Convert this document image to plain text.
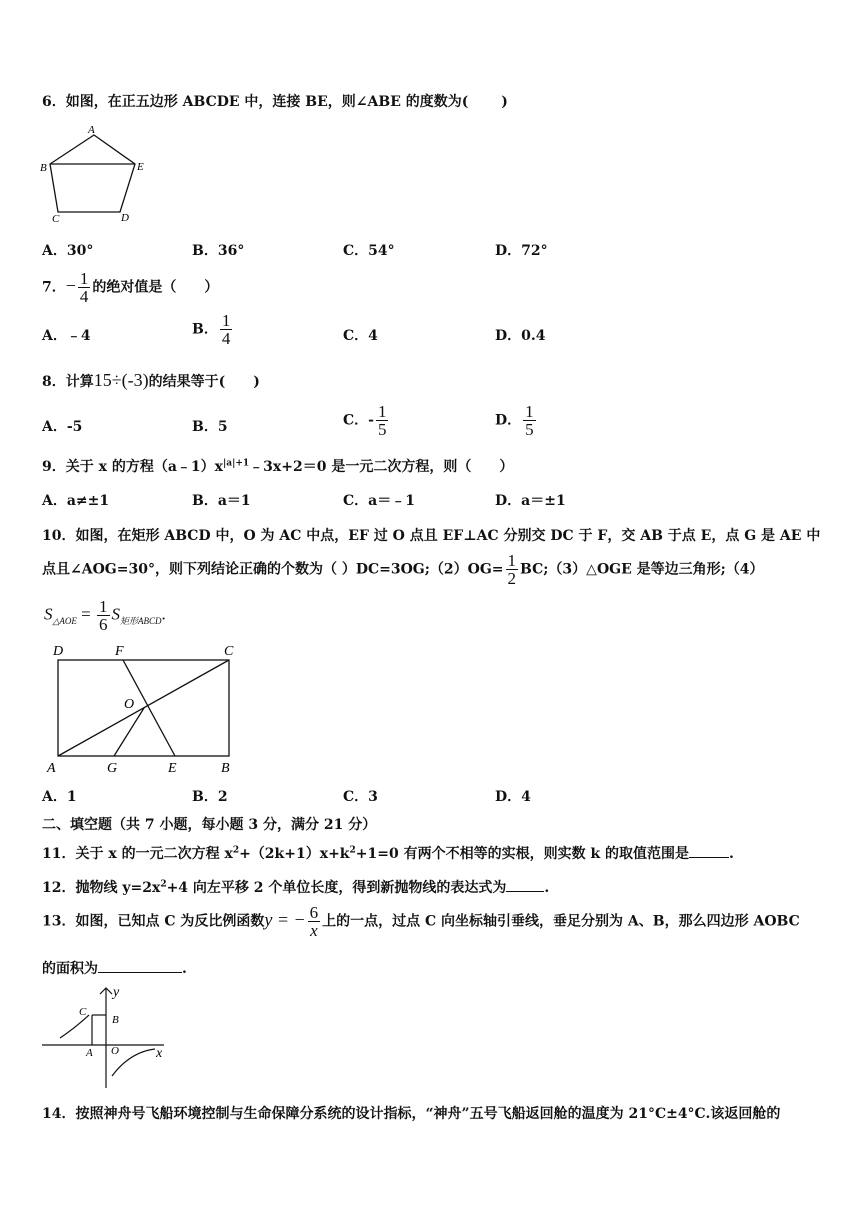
6．如图，在正五边形 ABCDE 中，连接 BE，则∠ABE 的度数为(　　 )
A
B	E
C	D
A．30°	B．36°	C．54°	D．72°
7．− $\frac{1}{4}$ 的绝对值是（　　）
A．﹣4	B． $\frac{1}{4}$	C．4	D．0.4
8．计算15÷(-3)的结果等于(　　)
A．-5	B．5	C．- $\frac{1}{5}$	D． $\frac{1}{5}$
9．关于 x 的方程$(a﹣1)x^{|a|+1}﹣3x+2=0$ 是一元二次方程，则（　　）
A．a≠±1	B．a＝1	C．a＝﹣1	D．a＝±1
10．如图，在矩形 ABCD 中，O 为 AC 中点，EF 过 O 点且 EF⊥AC 分别交 DC 于 F，交 AB 于点 E，点 G 是 AE 中
点且∠AOG=30°，则下列结论正确的个数为（ ）DC=3OG;（2）OG= $\frac{1}{2}$ BC;（3）△OGE 是等边三角形;（4）
$S_{\triangle AOE} = \frac{1}{6} S_{矩形ABCD}$.
D	F	C
O
A	G	E	B
A．1	B．2	C．3	D．4
二、填空题（共 7 小题，每小题 3 分，满分 21 分）
11．关于 x 的一元二次方程 $x^2+(2k+1)x+k^2+1=0$ 有两个不相等的实根，则实数 k 的取值范围是	.
12．抛物线 $y=2x^2+4$ 向左平移 2 个单位长度，得到新抛物线的表达式为	.
13．如图，已知点 C 为反比例函数y = − $\frac{6}{x}$ 上的一点，过点 C 向坐标轴引垂线，垂足分别为 A、B，那么四边形 AOBC
的面积为	.
y
C
B
A O	x
14．按照神舟号飞船环境控制与生命保障分系统的设计指标，“神舟”五号飞船返回舱的温度为 21°C±4°C.该返回舱的
